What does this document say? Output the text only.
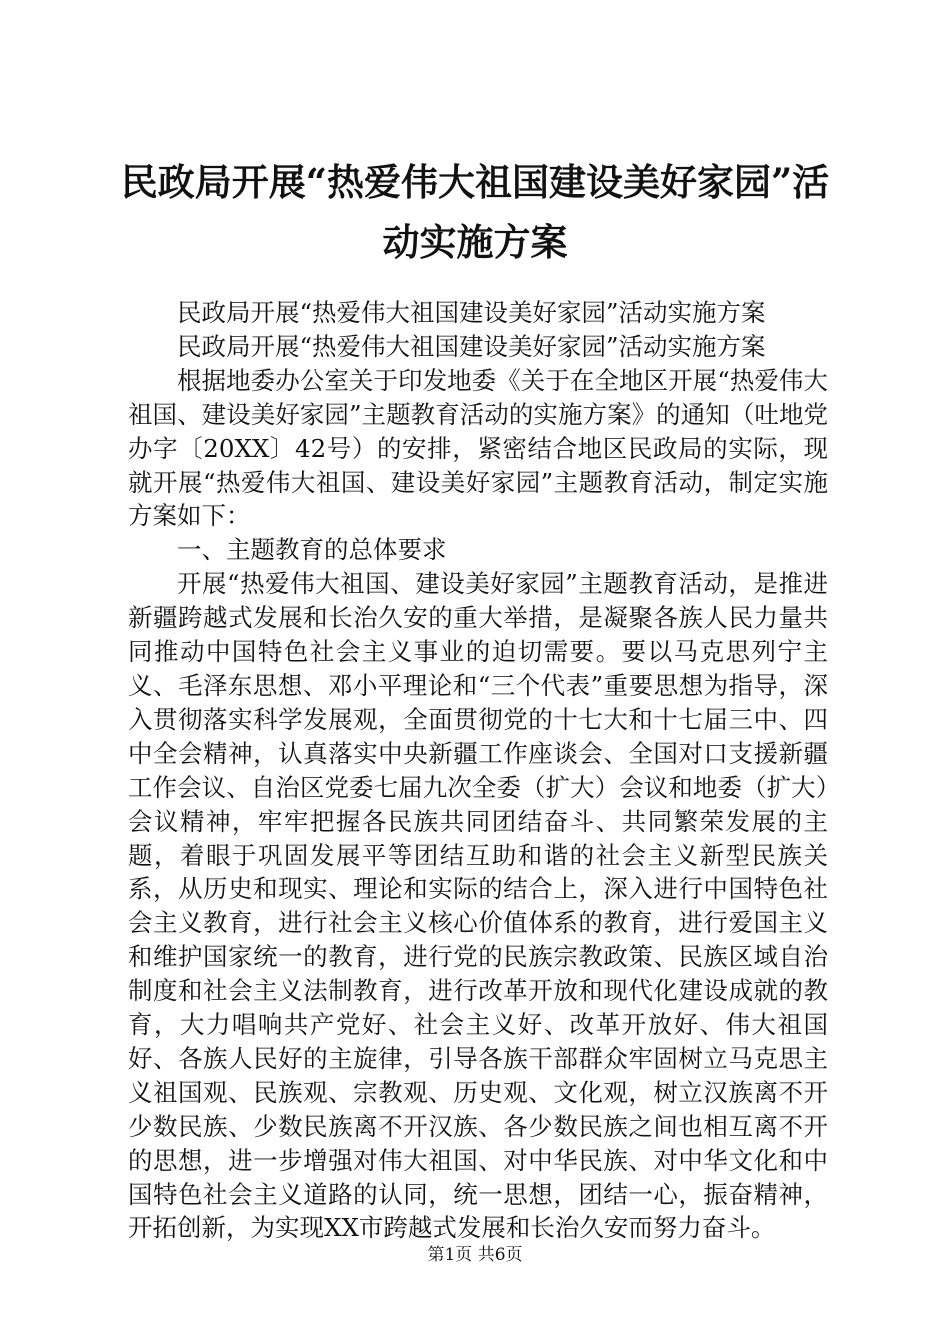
民政局开展“热爱伟大祖国建设美好家园”活
动实施方案

民政局开展“热爱伟大祖国建设美好家园”活动实施方案

民政局开展“热爱伟大祖国建设美好家园”活动实施方案

根据地委办公室关于印发地委《关于在全地区开展“热爱伟大祖国、建设美好家园”主题教育活动的实施方案》的通知（吐地党办字〔20XX〕42号）的安排，紧密结合地区民政局的实际，现就开展“热爱伟大祖国、建设美好家园”主题教育活动，制定实施方案如下：

一、主题教育的总体要求

开展“热爱伟大祖国、建设美好家园”主题教育活动，是推进新疆跨越式发展和长治久安的重大举措，是凝聚各族人民力量共同推动中国特色社会主义事业的迫切需要。要以马克思列宁主义、毛泽东思想、邓小平理论和“三个代表”重要思想为指导，深入贯彻落实科学发展观，全面贯彻党的十七大和十七届三中、四中全会精神，认真落实中央新疆工作座谈会、全国对口支援新疆工作会议、自治区党委七届九次全委（扩大）会议和地委（扩大）会议精神，牢牢把握各民族共同团结奋斗、共同繁荣发展的主题，着眼于巩固发展平等团结互助和谐的社会主义新型民族关系，从历史和现实、理论和实际的结合上，深入进行中国特色社会主义教育，进行社会主义核心价值体系的教育，进行爱国主义和维护国家统一的教育，进行党的民族宗教政策、民族区域自治制度和社会主义法制教育，进行改革开放和现代化建设成就的教育，大力唱响共产党好、社会主义好、改革开放好、伟大祖国好、各族人民好的主旋律，引导各族干部群众牢固树立马克思主义祖国观、民族观、宗教观、历史观、文化观，树立汉族离不开少数民族、少数民族离不开汉族、各少数民族之间也相互离不开的思想，进一步增强对伟大祖国、对中华民族、对中华文化和中国特色社会主义道路的认同，统一思想，团结一心，振奋精神，开拓创新，为实现XX市跨越式发展和长治久安而努力奋斗。

第1页 共6页
